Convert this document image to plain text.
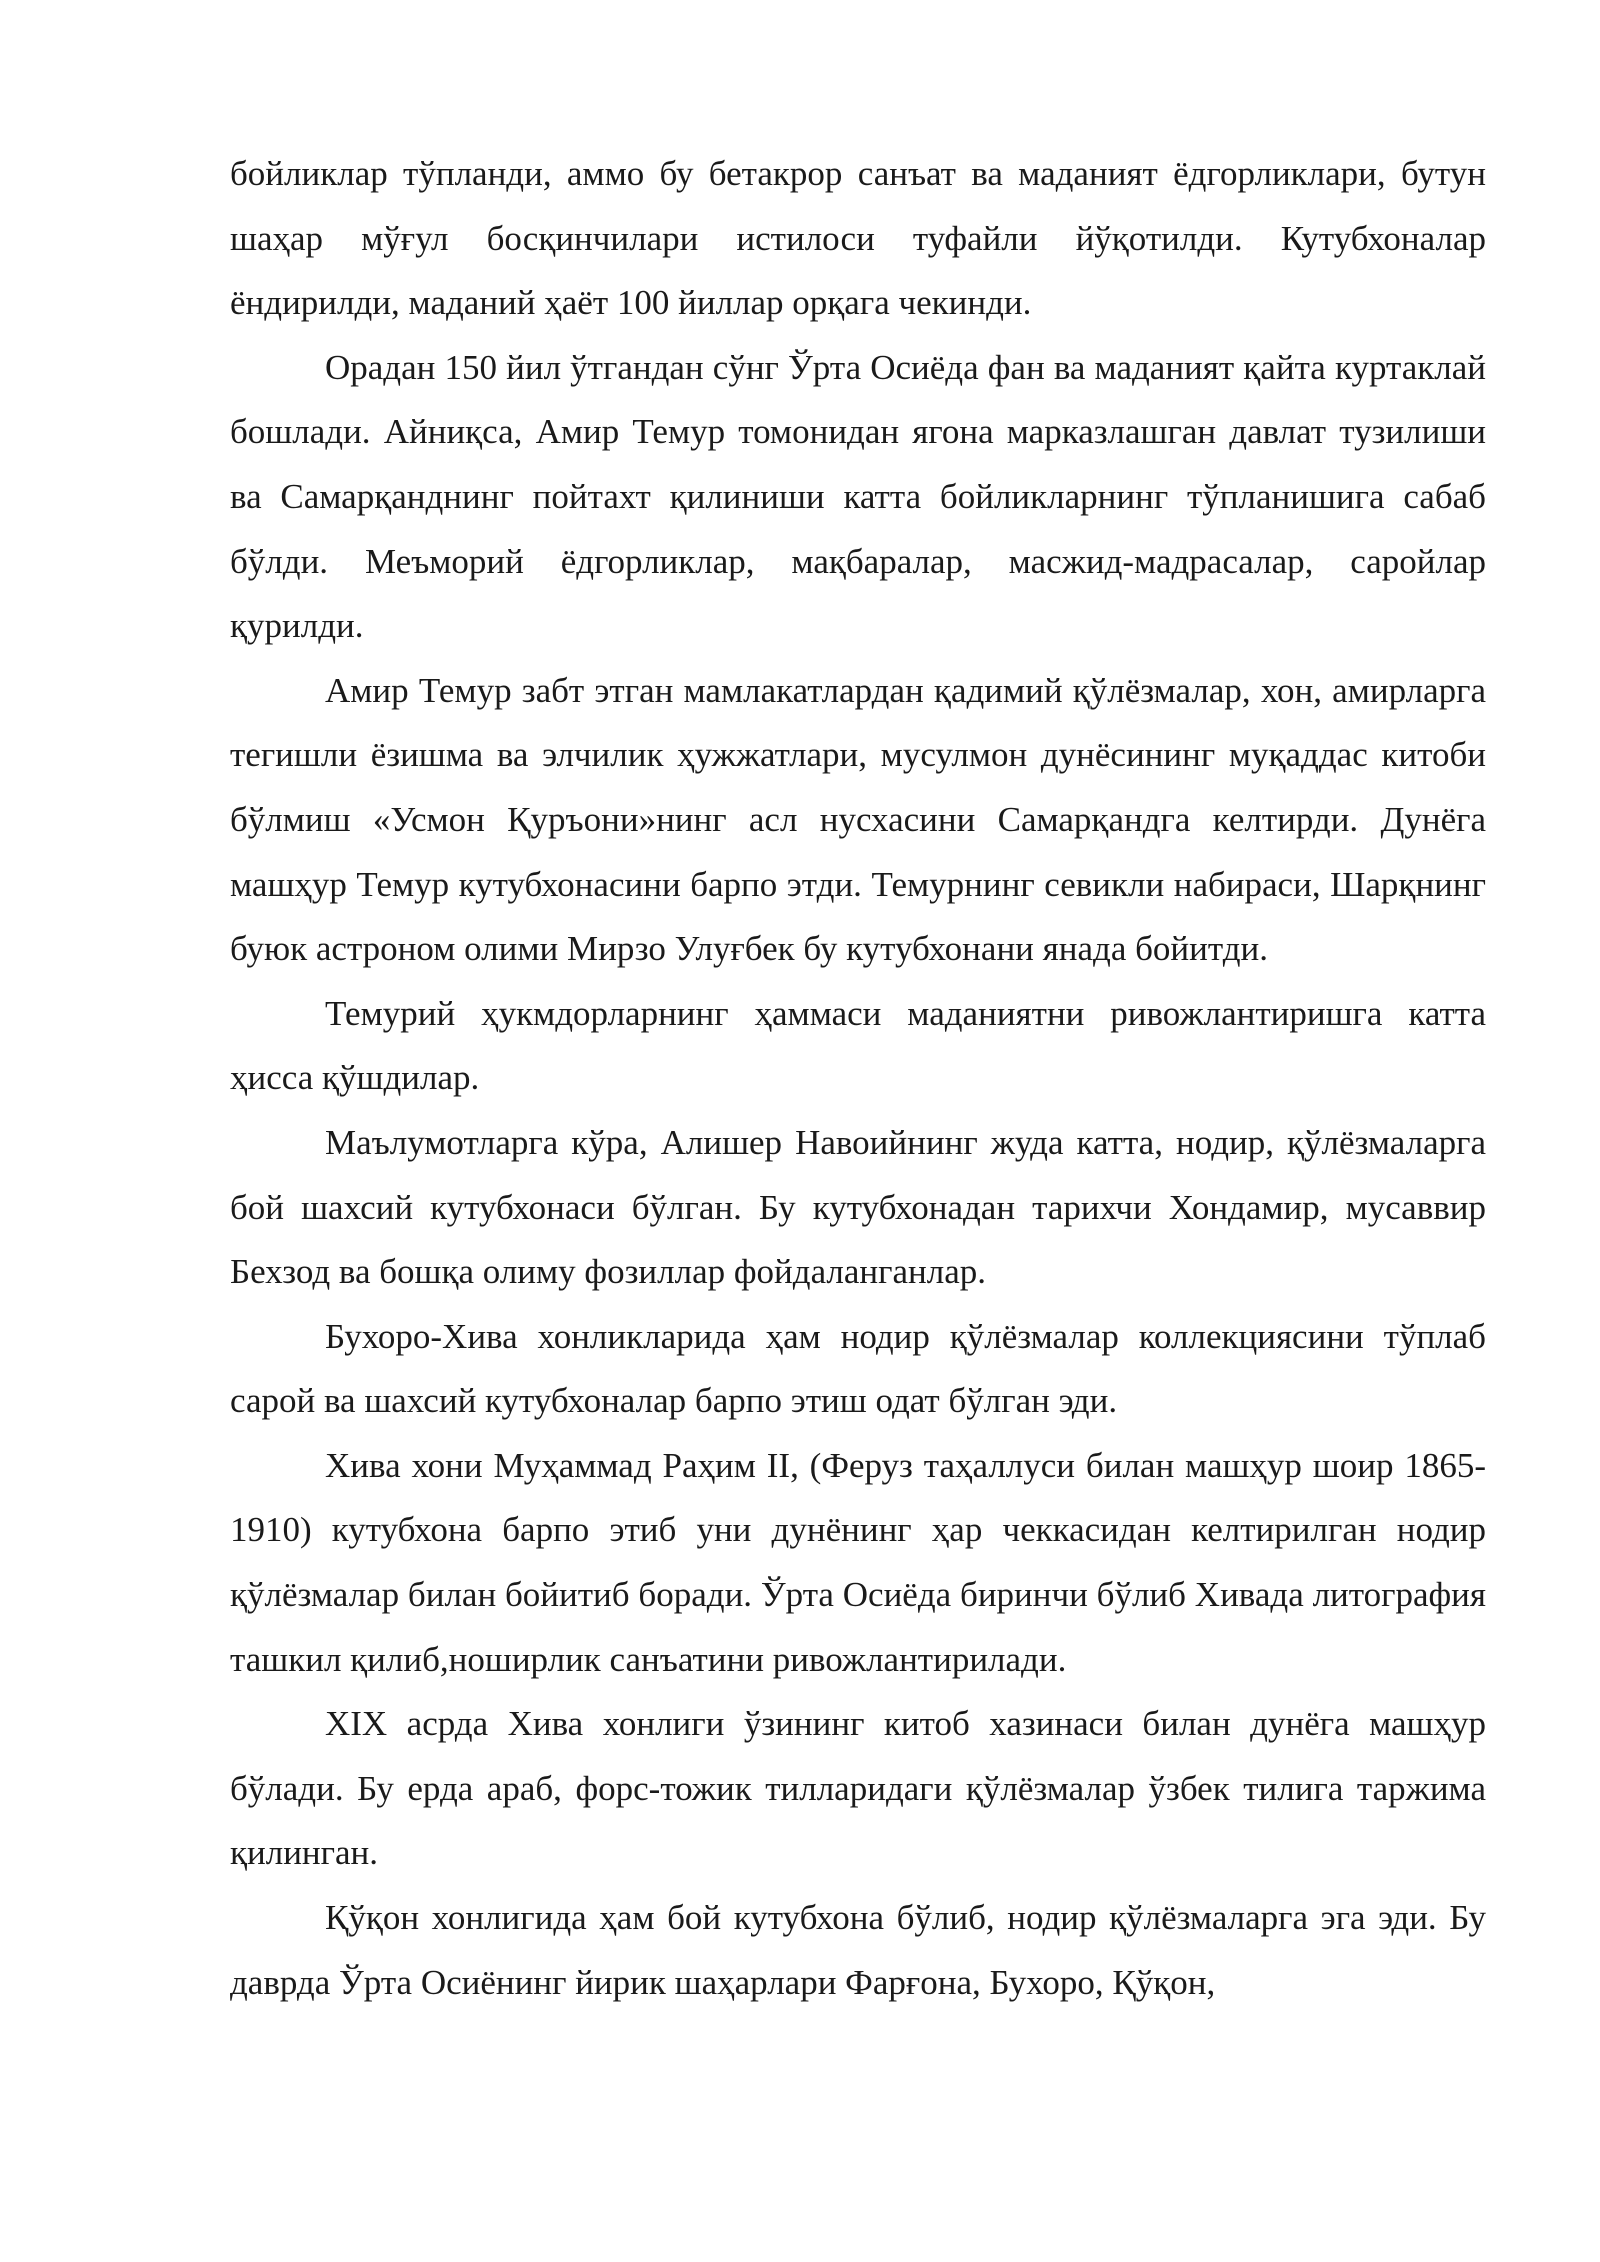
бойликлар тўпланди, аммо бу бетакрор санъат ва маданият ёдгорликлари, бутун шаҳар мўғул босқинчилари истилоси туфайли йўқотилди. Кутубхоналар ёндирилди, маданий ҳаёт 100 йиллар орқага чекинди.

Орадан 150 йил ўтгандан сўнг Ўрта Осиёда фан ва маданият қайта куртаклай бошлади. Айниқса, Амир Темур томонидан ягона марказлашган давлат тузилиши ва Самарқанднинг пойтахт қилиниши катта бойликларнинг тўпланишига сабаб бўлди. Меъморий ёдгорликлар, мақбаралар, масжид-мадрасалар, саройлар қурилди.

Амир Темур забт этган мамлакатлардан қадимий қўлёзмалар, хон, амирларга тегишли ёзишма ва элчилик ҳужжатлари, мусулмон дунёсининг муқаддас китоби бўлмиш «Усмон Қуръони»нинг асл нусхасини Самарқандга келтирди. Дунёга машҳур Темур кутубхонасини барпо этди. Темурнинг севикли набираси, Шарқнинг буюк астроном олими Мирзо Улуғбек бу кутубхонани янада бойитди.

Темурий ҳукмдорларнинг ҳаммаси маданиятни ривожлантиришга катта ҳисса қўшдилар.

Маълумотларга кўра, Алишер Навоийнинг жуда катта, нодир, қўлёзмаларга бой шахсий кутубхонаси бўлган. Бу кутубхонадан тарихчи Хондамир, мусаввир Бехзод ва бошқа олиму фозиллар фойдаланганлар.

Бухоро-Хива хонликларида ҳам нодир қўлёзмалар коллекциясини тўплаб сарой ва шахсий кутубхоналар барпо этиш одат бўлган эди.

Хива хони Муҳаммад Раҳим II, (Феруз таҳаллуси билан машҳур шоир 1865-1910) кутубхона барпо этиб уни дунёнинг ҳар чеккасидан келтирилган нодир қўлёзмалар билан бойитиб боради. Ўрта Осиёда биринчи бўлиб Хивада литография ташкил қилиб,ноширлик санъатини ривожлантирилади.

XIX асрда Хива хонлиги ўзининг китоб хазинаси билан дунёга машҳур бўлади. Бу ерда араб, форс-тожик тилларидаги қўлёзмалар ўзбек тилига таржима қилинган.

Қўқон хонлигида ҳам бой кутубхона бўлиб, нодир қўлёзмаларга эга эди. Бу даврда Ўрта Осиёнинг йирик шаҳарлари Фарғона, Бухоро, Қўқон,
